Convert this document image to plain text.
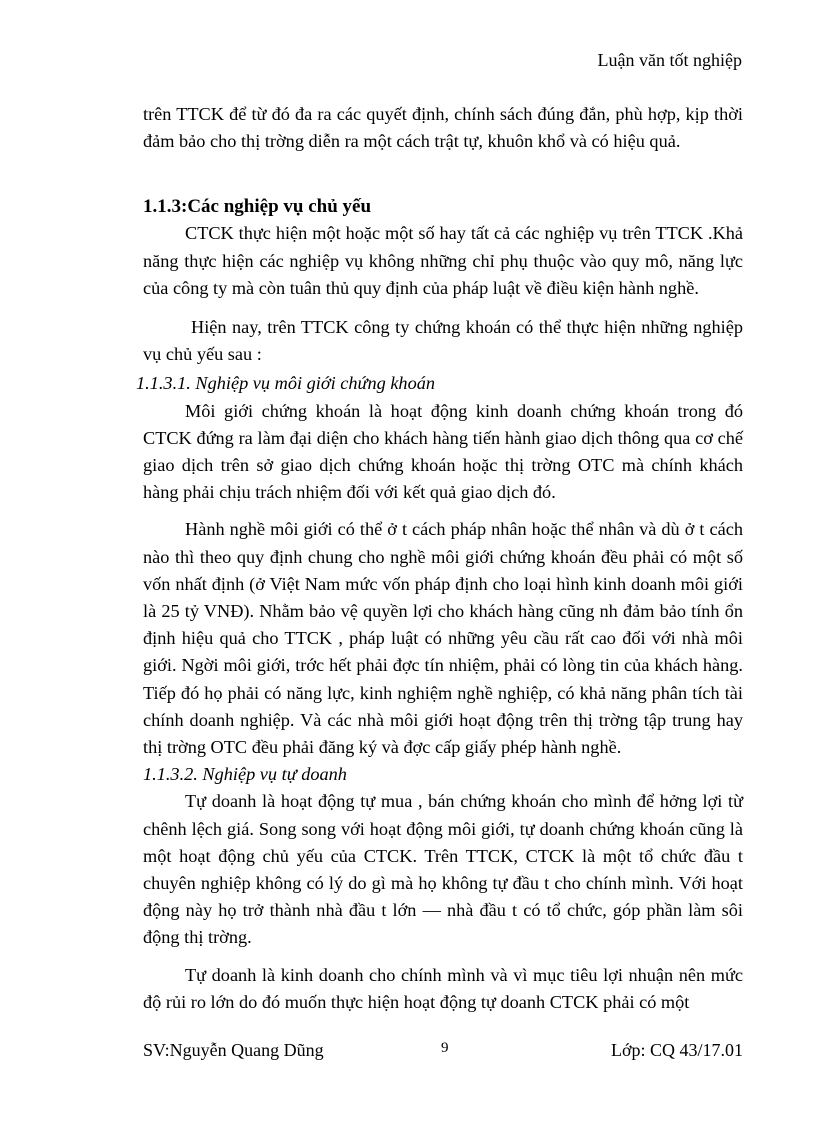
Luận văn tốt nghiệp

trên TTCK để từ đó đa ra các quyết định, chính sách đúng đắn, phù hợp, kịp thời đảm bảo cho thị trờng diễn ra một cách trật tự, khuôn khổ và có hiệu quả.

1.1.3:Các nghiệp vụ chủ yếu

CTCK thực hiện một hoặc một số hay tất cả các nghiệp vụ trên TTCK .Khả năng thực hiện các nghiệp vụ không những chỉ phụ thuộc vào quy mô, năng lực của công ty mà còn tuân thủ quy định của pháp luật về điều kiện hành nghề.

Hiện nay, trên TTCK công ty chứng khoán có thể thực hiện những nghiệp vụ chủ yếu sau :

1.1.3.1. Nghiệp vụ môi giới chứng khoán

Môi giới chứng khoán là hoạt động kinh doanh chứng khoán trong đó CTCK đứng ra làm đại diện cho khách hàng tiến hành giao dịch thông qua cơ chế giao dịch trên sở giao dịch chứng khoán hoặc thị trờng OTC mà chính khách hàng phải chịu trách nhiệm đối với kết quả giao dịch đó.

Hành nghề môi giới có thể ở t cách pháp nhân hoặc thể nhân và dù ở t cách nào thì theo quy định chung cho nghề môi giới chứng khoán đều phải có một số vốn nhất định (ở Việt Nam mức vốn pháp định cho loại hình kinh doanh môi giới là 25 tỷ VNĐ). Nhằm bảo vệ quyền lợi cho khách hàng cũng nh đảm bảo tính ổn định hiệu quả cho TTCK , pháp luật có những yêu cầu rất cao đối với nhà môi giới. Ngời môi giới, trớc hết phải đợc tín nhiệm, phải có lòng tin của khách hàng. Tiếp đó họ phải có năng lực, kinh nghiệm nghề nghiệp, có khả năng phân tích tài chính doanh nghiệp. Và các nhà môi giới hoạt động trên thị trờng tập trung hay thị trờng OTC đều phải đăng ký và đợc cấp giấy phép hành nghề.

1.1.3.2. Nghiệp vụ tự doanh

Tự doanh là hoạt động tự mua , bán chứng khoán cho mình để hởng lợi từ chênh lệch giá. Song song với hoạt động môi giới, tự doanh chứng khoán cũng là một hoạt động chủ yếu của CTCK. Trên TTCK, CTCK là một tổ chức đầu t chuyên nghiệp không có lý do gì mà họ không tự đầu t cho chính mình. Với hoạt động này họ trở thành nhà đầu t lớn — nhà đầu t có tổ chức, góp phần làm sôi động thị trờng.

Tự doanh là kinh doanh cho chính mình và vì mục tiêu lợi nhuận nên mức độ rủi ro lớn do đó muốn thực hiện hoạt động tự doanh CTCK phải có một

SV:Nguyễn Quang Dũng	9	Lớp: CQ 43/17.01
